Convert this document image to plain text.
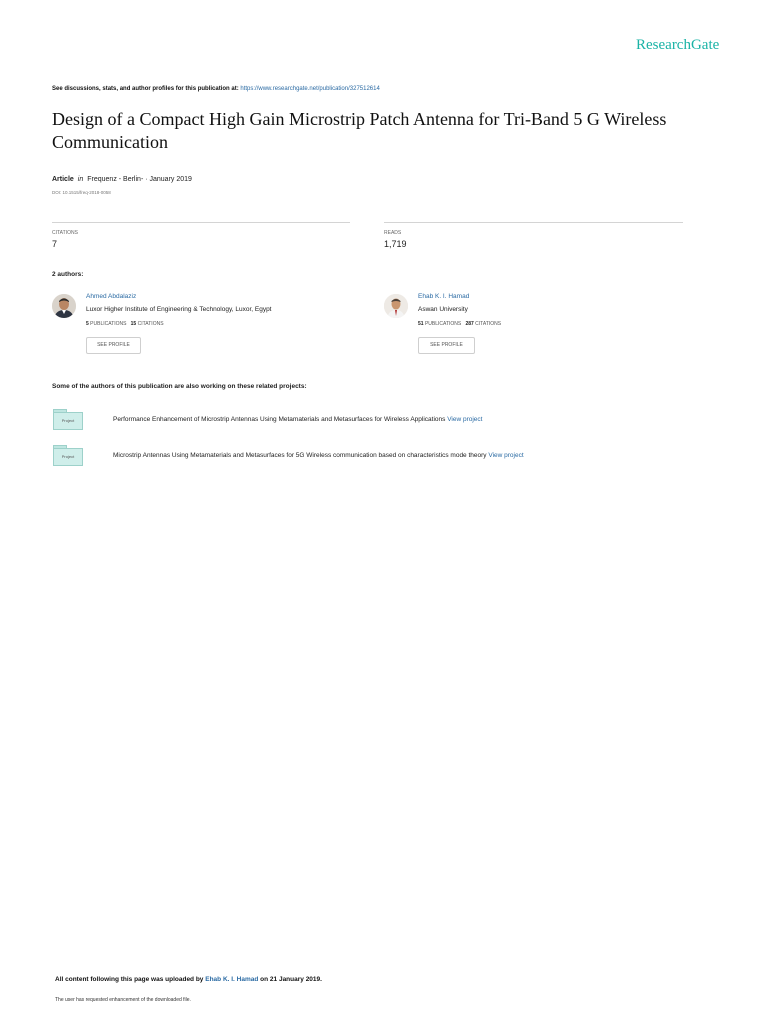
ResearchGate
See discussions, stats, and author profiles for this publication at: https://www.researchgate.net/publication/327512614
Design of a Compact High Gain Microstrip Patch Antenna for Tri-Band 5 G Wireless Communication
Article in Frequenz - Berlin- · January 2019
DOI: 10.1515/freq-2018-0058
CITATIONS
7
READS
1,719
2 authors:
Ahmed Abdalaziz
Luxor Higher Institute of Engineering & Technology, Luxor, Egypt
5 PUBLICATIONS 15 CITATIONS
SEE PROFILE
Ehab K. I. Hamad
Aswan University
51 PUBLICATIONS 287 CITATIONS
SEE PROFILE
Some of the authors of this publication are also working on these related projects:
Project	Performance Enhancement of Microstrip Antennas Using Metamaterials and Metasurfaces for Wireless Applications View project
Project	Microstrip Antennas Using Metamaterials and Metasurfaces for 5G Wireless communication based on characteristics mode theory View project
All content following this page was uploaded by Ehab K. I. Hamad on 21 January 2019.
The user has requested enhancement of the downloaded file.
